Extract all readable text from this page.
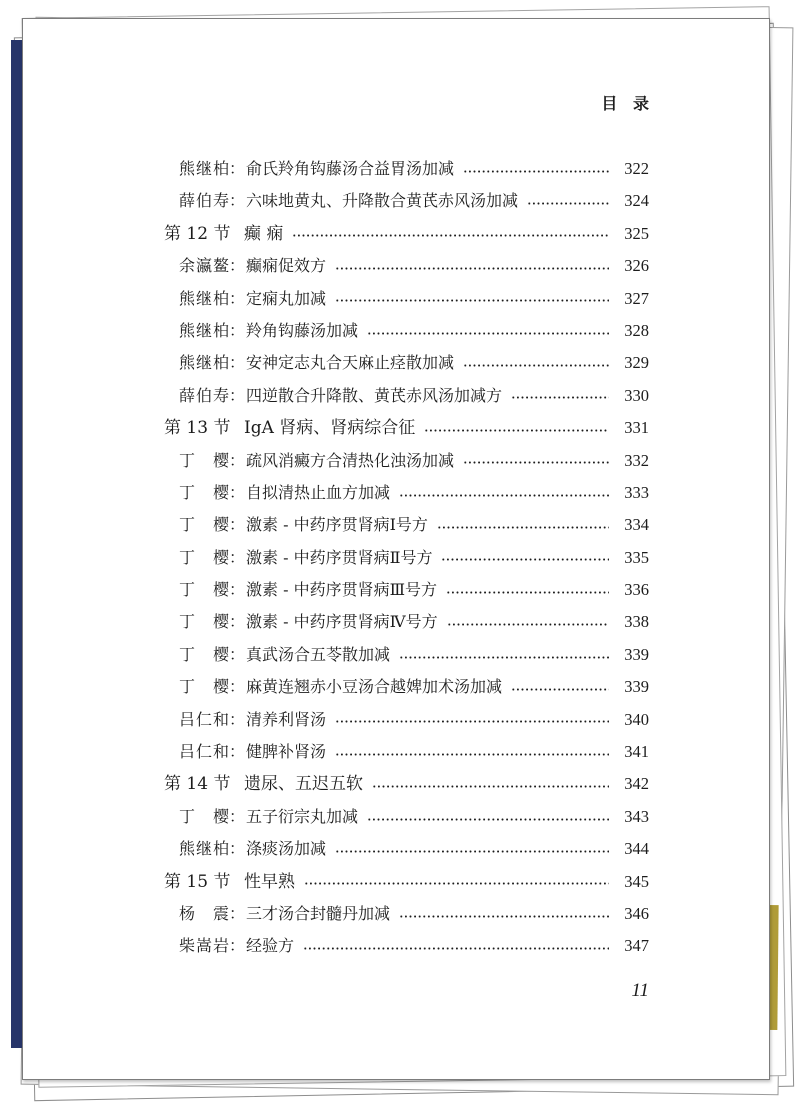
目 录
熊继柏 ： 俞氏羚角钩藤汤合益胃汤加减	322
薛伯寿 ： 六味地黄丸、升降散合黄芪赤风汤加减	324
第 12 节 癫 痫	325
余瀛鳌 ： 癫痫促效方	326
熊继柏 ： 定痫丸加减	327
熊继柏 ： 羚角钩藤汤加减	328
熊继柏 ： 安神定志丸合天麻止痉散加减	329
薛伯寿 ： 四逆散合升降散、黄芪赤风汤加减方	330
第 13 节 IgA 肾病、肾病综合征	331
丁 樱 ： 疏风消癜方合清热化浊汤加减	332
丁 樱 ： 自拟清热止血方加减	333
丁 樱 ： 激素 - 中药序贯肾病Ⅰ号方	334
丁 樱 ： 激素 - 中药序贯肾病Ⅱ号方	335
丁 樱 ： 激素 - 中药序贯肾病Ⅲ号方	336
丁 樱 ： 激素 - 中药序贯肾病Ⅳ号方	338
丁 樱 ： 真武汤合五苓散加减	339
丁 樱 ： 麻黄连翘赤小豆汤合越婢加术汤加减	339
吕仁和 ： 清养利肾汤	340
吕仁和 ： 健脾补肾汤	341
第 14 节 遗尿、五迟五软	342
丁 樱 ： 五子衍宗丸加减	343
熊继柏 ： 涤痰汤加减	344
第 15 节 性早熟	345
杨 震 ： 三才汤合封髓丹加减	346
柴嵩岩 ： 经验方	347
11
